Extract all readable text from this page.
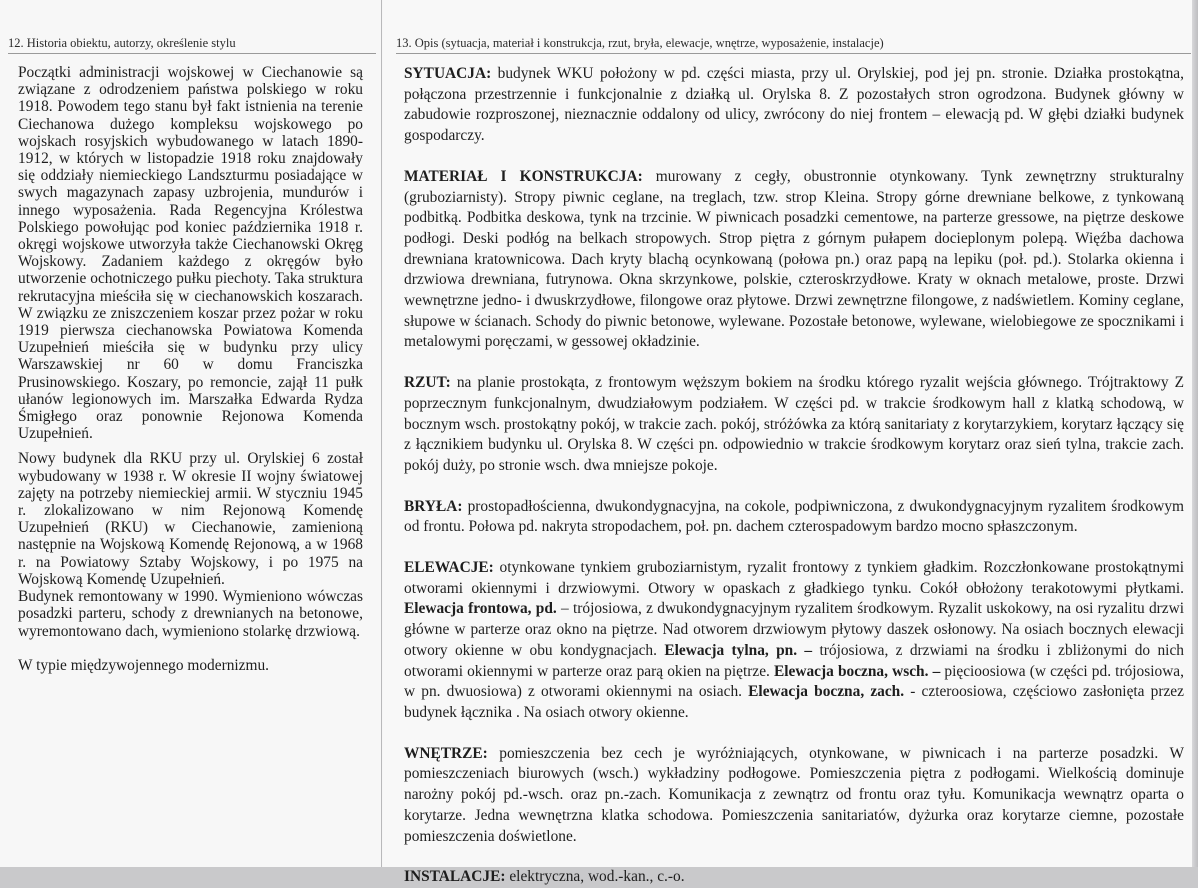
12. Historia obiektu, autorzy, określenie stylu

Początki administracji wojskowej w Ciechanowie są związane z odrodzeniem państwa polskiego w roku 1918. Powodem tego stanu był fakt istnienia na terenie Ciechanowa dużego kompleksu wojskowego po wojskach rosyjskich wybudowanego w latach 1890-1912, w których w listopadzie 1918 roku znajdowały się oddziały niemieckiego Landszturmu posiadające w swych magazynach zapasy uzbrojenia, mundurów i innego wyposażenia. Rada Regencyjna Królestwa Polskiego powołując pod koniec października 1918 r. okręgi wojskowe utworzyła także Ciechanowski Okręg Wojskowy. Zadaniem każdego z okręgów było utworzenie ochotniczego pułku piechoty. Taka struktura rekrutacyjna mieściła się w ciechanowskich koszarach. W związku ze zniszczeniem koszar przez pożar w roku 1919 pierwsza ciechanowska Powiatowa Komenda Uzupełnień mieściła się w budynku przy ulicy Warszawskiej nr 60 w domu Franciszka Prusinowskiego. Koszary, po remoncie, zajął 11 pułk ułanów legionowych im. Marszałka Edwarda Rydza Śmigłego oraz ponownie Rejonowa Komenda Uzupełnień.

Nowy budynek dla RKU przy ul. Orylskiej 6 został wybudowany w 1938 r. W okresie II wojny światowej zajęty na potrzeby niemieckiej armii. W styczniu 1945 r. zlokalizowano w nim Rejonową Komendę Uzupełnień (RKU) w Ciechanowie, zamienioną następnie na Wojskową Komendę Rejonową, a w 1968 r. na Powiatowy Sztaby Wojskowy, i po 1975 na Wojskową Komendę Uzupełnień.

Budynek remontowany w 1990. Wymieniono wówczas posadzki parteru, schody z drewnianych na betonowe, wyremontowano dach, wymieniono stolarkę drzwiową.

W typie międzywojennego modernizmu.

13. Opis (sytuacja, materiał i konstrukcja, rzut, bryła, elewacje, wnętrze, wyposażenie, instalacje)

SYTUACJA: budynek WKU położony w pd. części miasta, przy ul. Orylskiej, pod jej pn. stronie. Działka prostokątna, połączona przestrzennie i funkcjonalnie z działką ul. Orylska 8. Z pozostałych stron ogrodzona. Budynek główny w zabudowie rozproszonej, nieznacznie oddalony od ulicy, zwrócony do niej frontem – elewacją pd. W głębi działki budynek gospodarczy.

MATERIAŁ I KONSTRUKCJA: murowany z cegły, obustronnie otynkowany. Tynk zewnętrzny strukturalny (gruboziarnisty). Stropy piwnic ceglane, na treglach, tzw. strop Kleina. Stropy górne drewniane belkowe, z tynkowaną podbitką. Podbitka deskowa, tynk na trzcinie. W piwnicach posadzki cementowe, na parterze gressowe, na piętrze deskowe podłogi. Deski podłóg na belkach stropowych. Strop piętra z górnym pułapem docieplonym polepą. Więźba dachowa drewniana kratownicowa. Dach kryty blachą ocynkowaną (połowa pn.) oraz papą na lepiku (poł. pd.). Stolarka okienna i drzwiowa drewniana, futrynowa. Okna skrzynkowe, polskie, czteroskrzydłowe. Kraty w oknach metalowe, proste. Drzwi wewnętrzne jedno- i dwuskrzydłowe, filongowe oraz płytowe. Drzwi zewnętrzne filongowe, z nadświetlem. Kominy ceglane, słupowe w ścianach. Schody do piwnic betonowe, wylewane. Pozostałe betonowe, wylewane, wielobiegowe ze spocznikami i metalowymi poręczami, w gessowej okładzinie.

RZUT: na planie prostokąta, z frontowym węższym bokiem na środku którego ryzalit wejścia głównego. Trójtraktowy Z poprzecznym funkcjonalnym, dwudziałowym podziałem. W części pd. w trakcie środkowym hall z klatką schodową, w bocznym wsch. prostokątny pokój, w trakcie zach. pokój, stróżówka za którą sanitariaty z korytarzykiem, korytarz łączący się z łącznikiem budynku ul. Orylska 8. W części pn. odpowiednio w trakcie środkowym korytarz oraz sień tylna, trakcie zach. pokój duży, po stronie wsch. dwa mniejsze pokoje.

BRYŁA: prostopadłościenna, dwukondygnacyjna, na cokole, podpiwniczona, z dwukondygnacyjnym ryzalitem środkowym od frontu. Połowa pd. nakryta stropodachem, poł. pn. dachem czterospadowym bardzo mocno spłaszczonym.

ELEWACJE: otynkowane tynkiem gruboziarnistym, ryzalit frontowy z tynkiem gładkim. Rozczłonkowane prostokątnymi otworami okiennymi i drzwiowymi. Otwory w opaskach z gładkiego tynku. Cokół obłożony terakotowymi płytkami. Elewacja frontowa, pd. – trójosiowa, z dwukondygnacyjnym ryzalitem środkowym. Ryzalit uskokowy, na osi ryzalitu drzwi główne w parterze oraz okno na piętrze. Nad otworem drzwiowym płytowy daszek osłonowy. Na osiach bocznych elewacji otwory okienne w obu kondygnacjach. Elewacja tylna, pn. – trójosiowa, z drzwiami na środku i zbliżonymi do nich otworami okiennymi w parterze oraz parą okien na piętrze. Elewacja boczna, wsch. – pięcioosiowa (w części pd. trójosiowa, w pn. dwuosiowa) z otworami okiennymi na osiach. Elewacja boczna, zach. - czteroosiowa, częściowo zasłonięta przez budynek łącznika . Na osiach otwory okienne.

WNĘTRZE: pomieszczenia bez cech je wyróżniających, otynkowane, w piwnicach i na parterze posadzki. W pomieszczeniach biurowych (wsch.) wykładziny podłogowe. Pomieszczenia piętra z podłogami. Wielkością dominuje narożny pokój pd.-wsch. oraz pn.-zach. Komunikacja z zewnątrz od frontu oraz tyłu. Komunikacja wewnątrz oparta o korytarze. Jedna wewnętrzna klatka schodowa. Pomieszczenia sanitariatów, dyżurka oraz korytarze ciemne, pozostałe pomieszczenia doświetlone.

INSTALACJE: elektryczna, wod.-kan., c.-o.
